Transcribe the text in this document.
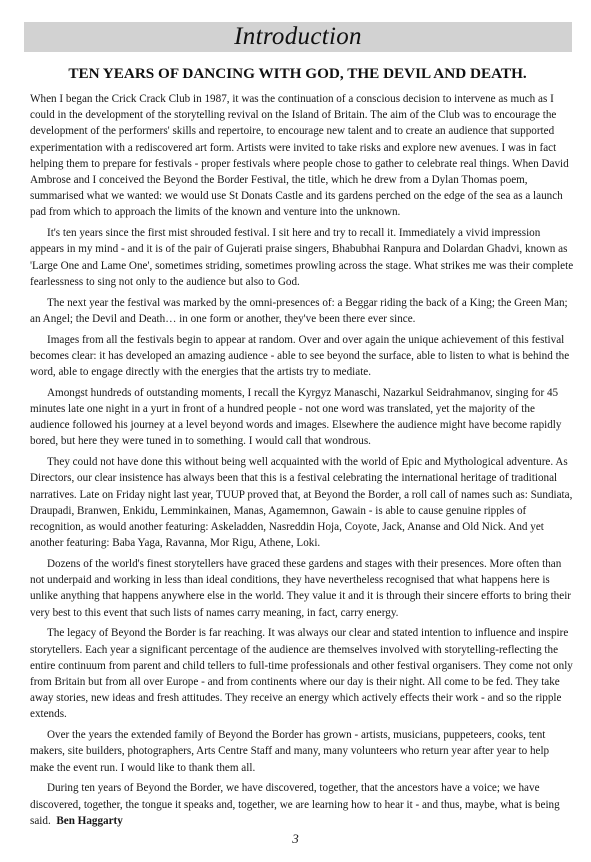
Introduction
TEN YEARS OF DANCING WITH GOD, THE DEVIL AND DEATH.

When I began the Crick Crack Club in 1987, it was the continuation of a conscious decision to intervene as much as I could in the development of the storytelling revival on the Island of Britain. The aim of the Club was to encourage the development of the performers' skills and repertoire, to encourage new talent and to create an audience that supported experimentation with a rediscovered art form. Artists were invited to take risks and explore new avenues. I was in fact helping them to prepare for festivals - proper festivals where people chose to gather to celebrate real things. When David Ambrose and I conceived the Beyond the Border Festival, the title, which he drew from a Dylan Thomas poem, summarised what we wanted: we would use St Donats Castle and its gardens perched on the edge of the sea as a launch pad from which to approach the limits of the known and venture into the unknown.

It's ten years since the first mist shrouded festival. I sit here and try to recall it. Immediately a vivid impression appears in my mind - and it is of the pair of Gujerati praise singers, Bhabubhai Ranpura and Dolardan Ghadvi, known as 'Large One and Lame One', sometimes striding, sometimes prowling across the stage. What strikes me was their complete fearlessness to sing not only to the audience but also to God.

The next year the festival was marked by the omni-presences of: a Beggar riding the back of a King; the Green Man; an Angel; the Devil and Death… in one form or another, they've been there ever since.

Images from all the festivals begin to appear at random. Over and over again the unique achievement of this festival becomes clear: it has developed an amazing audience - able to see beyond the surface, able to listen to what is behind the word, able to engage directly with the energies that the artists try to mediate.

Amongst hundreds of outstanding moments, I recall the Kyrgyz Manaschi, Nazarkul Seidrahmanov, singing for 45 minutes late one night in a yurt in front of a hundred people - not one word was translated, yet the majority of the audience followed his journey at a level beyond words and images. Elsewhere the audience might have become rapidly bored, but here they were tuned in to something. I would call that wondrous.

They could not have done this without being well acquainted with the world of Epic and Mythological adventure. As Directors, our clear insistence has always been that this is a festival celebrating the international heritage of traditional narratives. Late on Friday night last year, TUUP proved that, at Beyond the Border, a roll call of names such as: Sundiata, Draupadi, Branwen, Enkidu, Lemminkainen, Manas, Agamemnon, Gawain - is able to cause genuine ripples of recognition, as would another featuring: Askeladden, Nasreddin Hoja, Coyote, Jack, Ananse and Old Nick. And yet another featuring: Baba Yaga, Ravanna, Mor Rigu, Athene, Loki.

Dozens of the world's finest storytellers have graced these gardens and stages with their presences. More often than not underpaid and working in less than ideal conditions, they have nevertheless recognised that what happens here is unlike anything that happens anywhere else in the world. They value it and it is through their sincere efforts to bring their very best to this event that such lists of names carry meaning, in fact, carry energy.

The legacy of Beyond the Border is far reaching. It was always our clear and stated intention to influence and inspire storytellers. Each year a significant percentage of the audience are themselves involved with storytelling-reflecting the entire continuum from parent and child tellers to full-time professionals and other festival organisers. They come not only from Britain but from all over Europe - and from continents where our day is their night. All come to be fed. They take away stories, new ideas and fresh attitudes. They receive an energy which actively effects their work - and so the ripple extends.

Over the years the extended family of Beyond the Border has grown - artists, musicians, puppeteers, cooks, tent makers, site builders, photographers, Arts Centre Staff and many, many volunteers who return year after year to help make the event run. I would like to thank them all.

During ten years of Beyond the Border, we have discovered, together, that the ancestors have a voice; we have discovered, together, the tongue it speaks and, together, we are learning how to hear it - and thus, maybe, what is being said. Ben Haggarty

3
